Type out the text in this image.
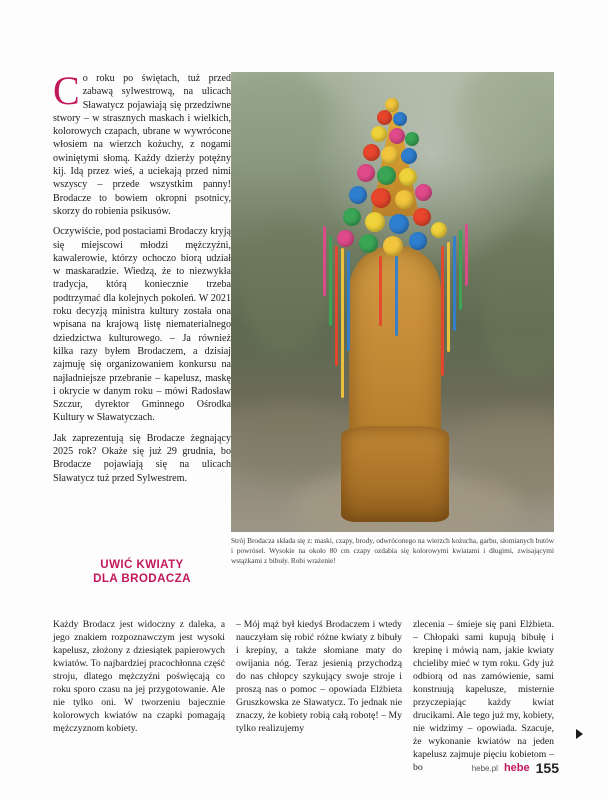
Co roku po świętach, tuż przed zabawą sylwestrową, na ulicach Sławatycz pojawiają się przedziwne stwory – w strasznych maskach i wielkich, kolorowych czapach, ubrane w wywrócone włosiem na wierzch kożuchy, z nogami owiniętymi słomą. Każdy dzierży potężny kij. Idą przez wieś, a uciekają przed nimi wszyscy – przede wszystkim panny! Brodacze to bowiem okropni psotnicy, skorzy do robienia psikusów.

Oczywiście, pod postaciami Brodaczy kryją się miejscowi młodzi mężczyźni, kawalerowie, którzy ochoczo biorą udział w maskaradzie. Wiedzą, że to niezwykła tradycja, którą koniecznie trzeba podtrzymać dla kolejnych pokoleń. W 2021 roku decyzją ministra kultury została ona wpisana na krajową listę niematerialnego dziedzictwa kulturowego. – Ja również kilka razy byłem Brodaczem, a dzisiaj zajmuję się organizowaniem konkursu na najładniejsze przebranie – kapelusz, maskę i okrycie w danym roku – mówi Radosław Szczur, dyrektor Gminnego Ośrodka Kultury w Sławatyczach.

Jak zaprezentują się Brodacze żegnający 2025 rok? Okaże się już 29 grudnia, bo Brodacze pojawiają się na ulicach Sławatycz tuż przed Sylwestrem.

Strój Brodacza składa się z: maski, czapy, brody, odwróconego na wierzch kożucha, garbu, słomianych butów i powrósel. Wysokie na około 80 cm czapy ozdabia się kolorowymi kwiatami i długimi, zwisającymi wstążkami z bibuły. Robi wrażenie!
UWIĆ KWIATY
DLA BRODACZA

Każdy Brodacz jest widoczny z daleka, a jego znakiem rozpoznawczym jest wysoki kapelusz, złożony z dziesiątek papierowych kwiatów. To najbardziej pracochłonna część stroju, dlatego mężczyźni poświęcają co roku sporo czasu na jej przygotowanie. Ale nie tylko oni. W tworzeniu bajecznie kolorowych kwiatów na czapki pomagają mężczyznom kobiety.

– Mój mąż był kiedyś Brodaczem i wtedy nauczyłam się robić różne kwiaty z bibuły i krepiny, a także słomiane maty do owijania nóg. Teraz jesienią przychodzą do nas chłopcy szykujący swoje stroje i proszą nas o pomoc – opowiada Elżbieta Gruszkowska ze Sławatycz. To jednak nie znaczy, że kobiety robią całą robotę! – My tylko realizujemy

zlecenia – śmieje się pani Elżbieta. – Chłopaki sami kupują bibułę i krepinę i mówią nam, jakie kwiaty chcieliby mieć w tym roku. Gdy już odbiorą od nas zamówienie, sami konstruują kapelusze, misternie przyczepiając każdy kwiat drucikami. Ale tego już my, kobiety, nie widzimy – opowiada. Szacuje, że wykonanie kwiatów na jeden kapelusz zajmuje pięciu kobietom – bo	hebe.pl hebe 155
